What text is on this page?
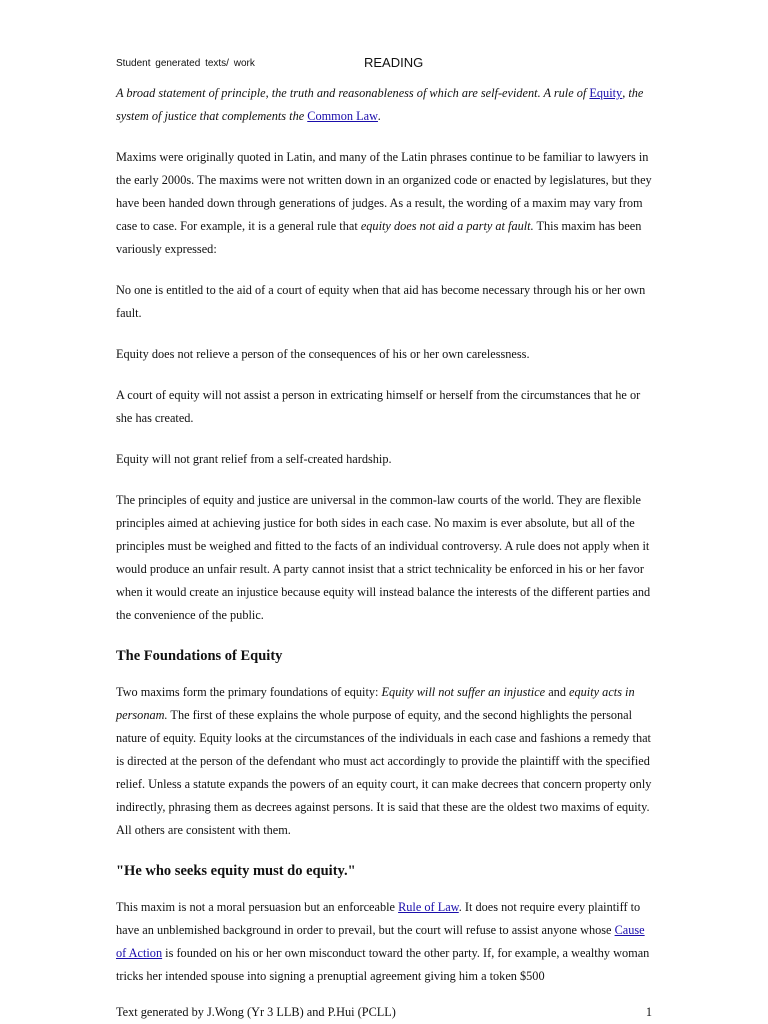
Student generated texts/ work	READING

A broad statement of principle, the truth and reasonableness of which are self-evident. A rule of Equity, the system of justice that complements the Common Law.

Maxims were originally quoted in Latin, and many of the Latin phrases continue to be familiar to lawyers in the early 2000s. The maxims were not written down in an organized code or enacted by legislatures, but they have been handed down through generations of judges. As a result, the wording of a maxim may vary from case to case. For example, it is a general rule that equity does not aid a party at fault. This maxim has been variously expressed:

No one is entitled to the aid of a court of equity when that aid has become necessary through his or her own fault.

Equity does not relieve a person of the consequences of his or her own carelessness.

A court of equity will not assist a person in extricating himself or herself from the circumstances that he or she has created.

Equity will not grant relief from a self-created hardship.

The principles of equity and justice are universal in the common-law courts of the world. They are flexible principles aimed at achieving justice for both sides in each case. No maxim is ever absolute, but all of the principles must be weighed and fitted to the facts of an individual controversy. A rule does not apply when it would produce an unfair result. A party cannot insist that a strict technicality be enforced in his or her favor when it would create an injustice because equity will instead balance the interests of the different parties and the convenience of the public.

The Foundations of Equity

Two maxims form the primary foundations of equity: Equity will not suffer an injustice and equity acts in personam. The first of these explains the whole purpose of equity, and the second highlights the personal nature of equity. Equity looks at the circumstances of the individuals in each case and fashions a remedy that is directed at the person of the defendant who must act accordingly to provide the plaintiff with the specified relief. Unless a statute expands the powers of an equity court, it can make decrees that concern property only indirectly, phrasing them as decrees against persons. It is said that these are the oldest two maxims of equity. All others are consistent with them.

"He who seeks equity must do equity."

This maxim is not a moral persuasion but an enforceable Rule of Law. It does not require every plaintiff to have an unblemished background in order to prevail, but the court will refuse to assist anyone whose Cause of Action is founded on his or her own misconduct toward the other party. If, for example, a wealthy woman tricks her intended spouse into signing a prenuptial agreement giving him a token $500

Text generated by J.Wong (Yr 3 LLB) and P.Hui (PCLL)	1
